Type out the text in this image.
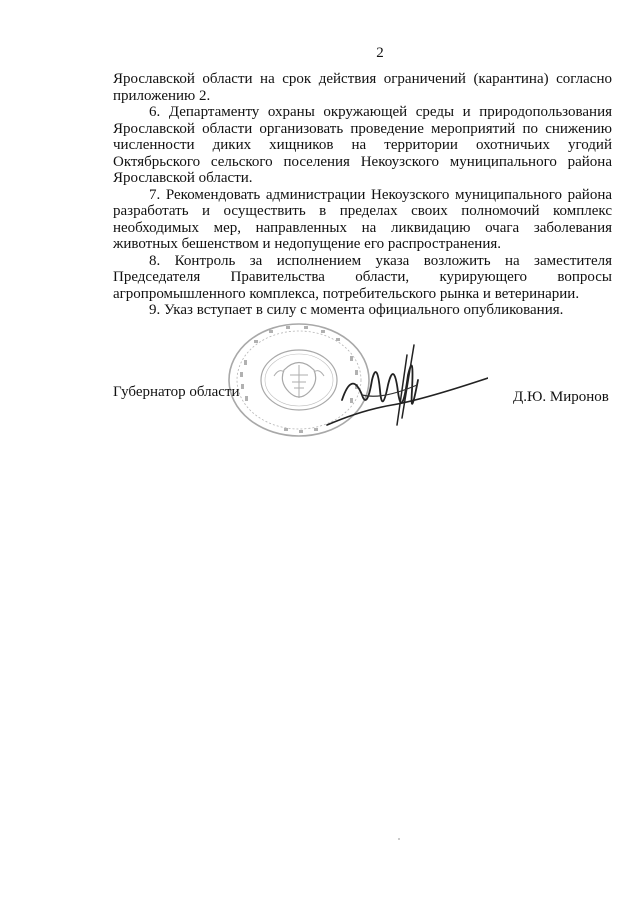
2

Ярославской области на срок действия ограничений (карантина) согласно приложению 2.

6. Департаменту охраны окружающей среды и природопользования Ярославской области организовать проведение мероприятий по снижению численности диких хищников на территории охотничьих угодий Октябрьского сельского поселения Некоузского муниципального района Ярославской области.

7. Рекомендовать администрации Некоузского муниципального района разработать и осуществить в пределах своих полномочий комплекс необходимых мер, направленных на ликвидацию очага заболевания животных бешенством и недопущение его распространения.

8. Контроль за исполнением указа возложить на заместителя Председателя Правительства области, курирующего вопросы агропромышленного комплекса, потребительского рынка и ветеринарии.

9. Указ вступает в силу с момента официального опубликования.

Губернатор области	Д.Ю. Миронов
